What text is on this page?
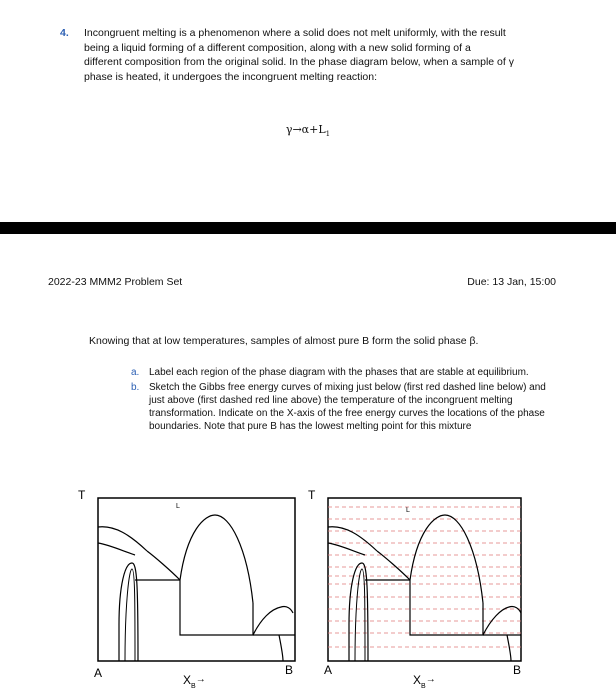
4. Incongruent melting is a phenomenon where a solid does not melt uniformly, with the result
being a liquid forming of a different composition, along with a new solid forming of a
different composition from the original solid. In the phase diagram below, when a sample of γ
phase is heated, it undergoes the incongruent melting reaction:
$\gamma\to\alpha+L_1$
2022-23 MMM2 Problem Set	Due: 13 Jan, 15:00
Knowing that at low temperatures, samples of almost pure B form the solid phase β.
a. Label each region of the phase diagram with the phases that are stable at equilibrium.
b. Sketch the Gibbs free energy curves of mixing just below (first red dashed line below) and just above (first dashed red line above) the temperature of the incongruent melting transformation. Indicate on the X-axis of the free energy curves the locations of the phase boundaries. Note that pure B has the lowest melting point for this mixture
T
L
A	B
$X_B^\to$
T
L
A	B
$X_B^\to$
